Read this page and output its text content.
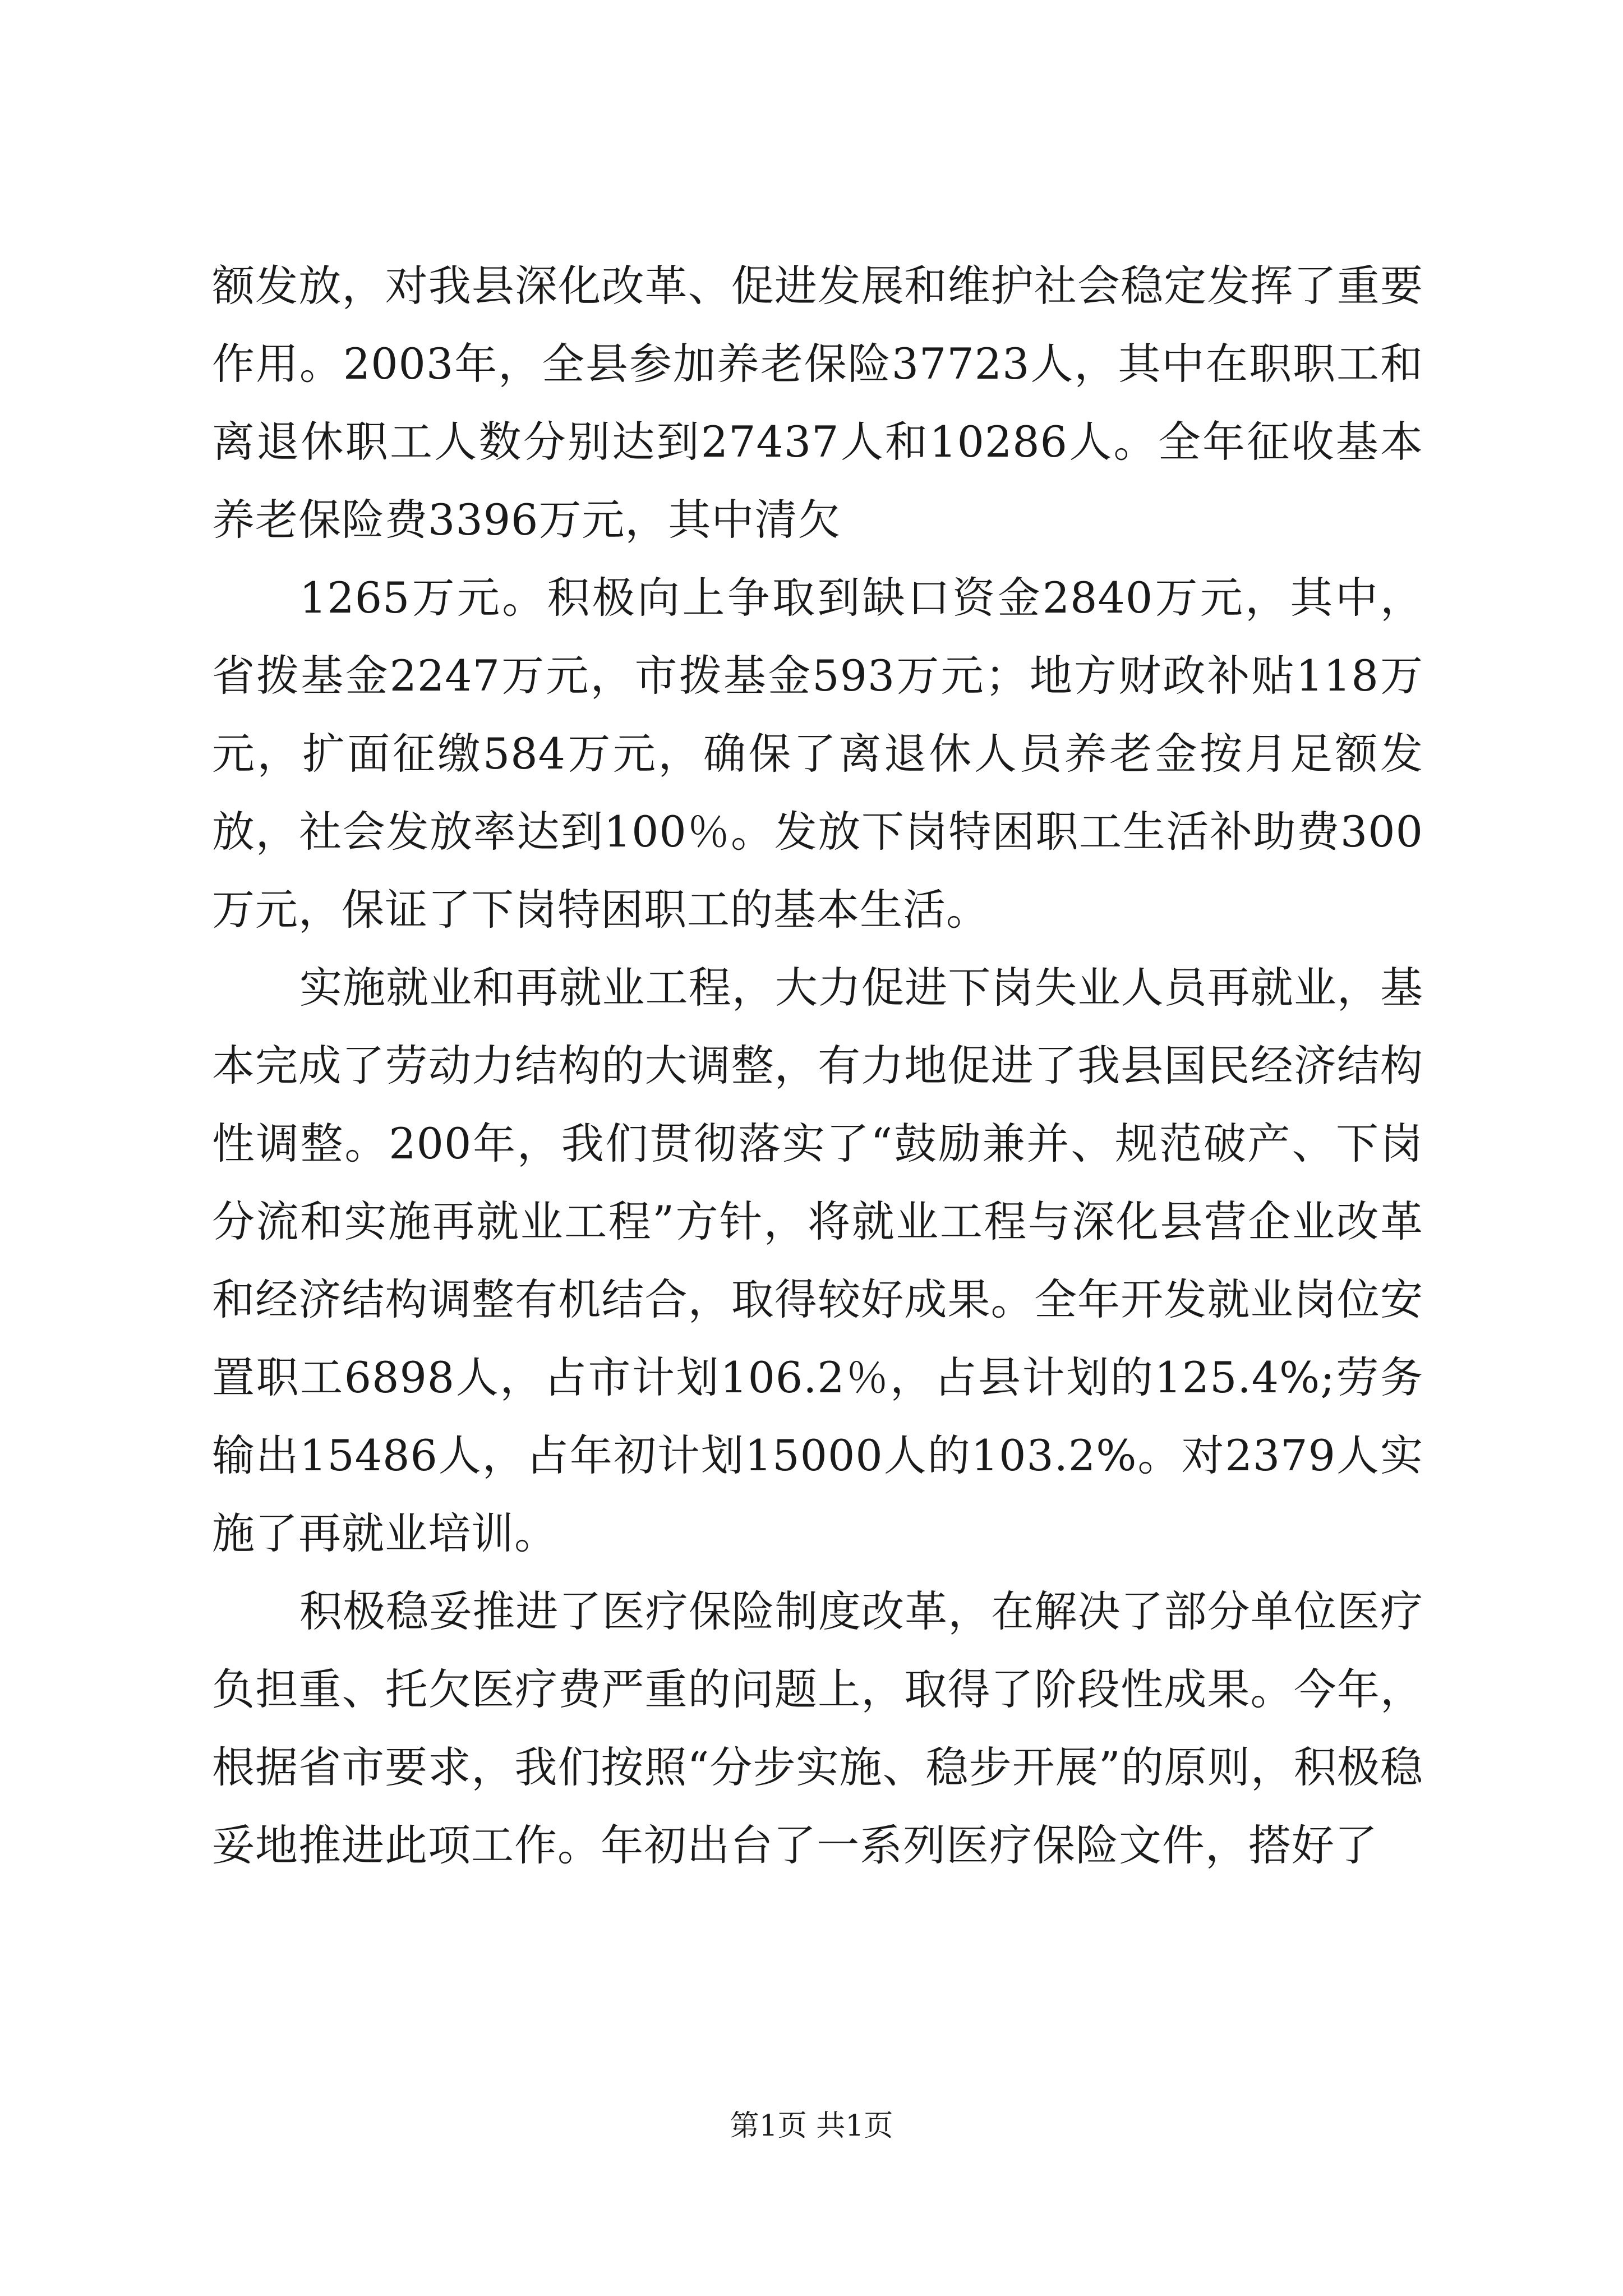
额发放，对我县深化改革、促进发展和维护社会稳定发挥了重要作用。2003年，全县参加养老保险37723人，其中在职职工和离退休职工人数分别达到27437人和10286人。全年征收基本养老保险费3396万元，其中清欠

1265万元。积极向上争取到缺口资金2840万元，其中，省拨基金2247万元，市拨基金593万元；地方财政补贴118万元，扩面征缴584万元，确保了离退休人员养老金按月足额发放，社会发放率达到100％。发放下岗特困职工生活补助费300万元，保证了下岗特困职工的基本生活。

实施就业和再就业工程，大力促进下岗失业人员再就业，基本完成了劳动力结构的大调整，有力地促进了我县国民经济结构性调整。200年，我们贯彻落实了“鼓励兼并、规范破产、下岗分流和实施再就业工程”方针，将就业工程与深化县营企业改革和经济结构调整有机结合，取得较好成果。全年开发就业岗位安置职工6898人，占市计划106.2％，占县计划的125.4%;劳务输出15486人，占年初计划15000人的103.2%。对2379人实施了再就业培训。

积极稳妥推进了医疗保险制度改革，在解决了部分单位医疗负担重、托欠医疗费严重的问题上，取得了阶段性成果。今年，根据省市要求，我们按照“分步实施、稳步开展”的原则，积极稳妥地推进此项工作。年初出台了一系列医疗保险文件，搭好了

第1页 共1页
